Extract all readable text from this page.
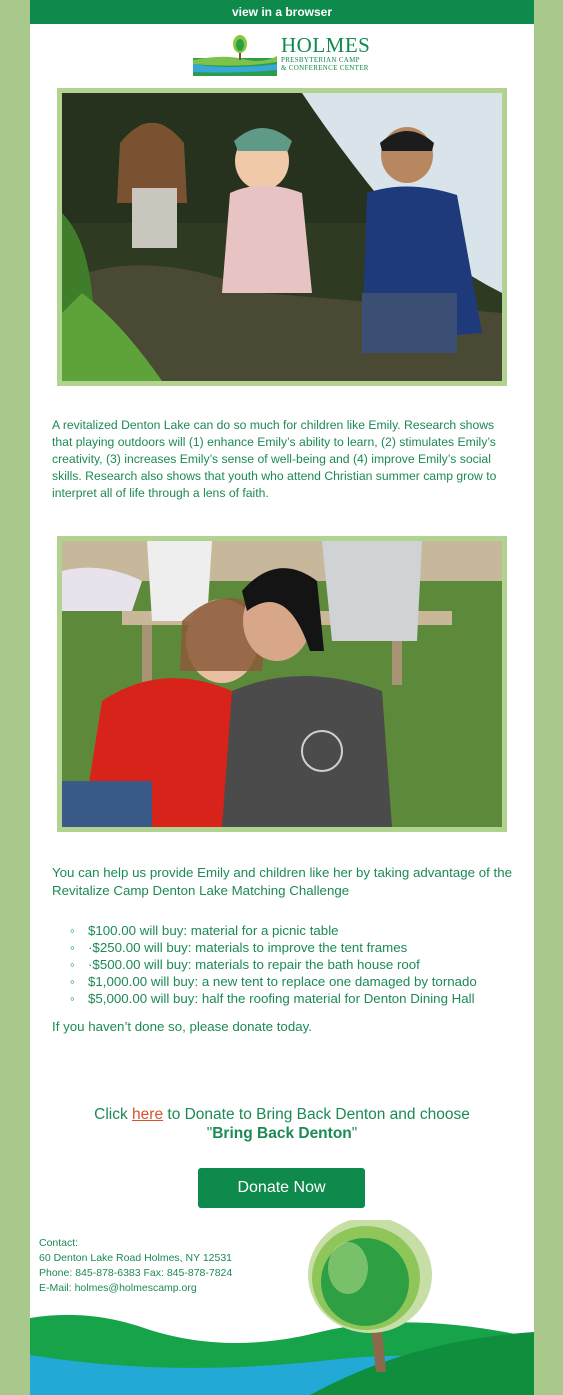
view in a browser
HOLMES
PRESBYTERIAN CAMP
& CONFERENCE CENTER

A revitalized Denton Lake can do so much for children like Emily. Research shows that playing outdoors will (1) enhance Emily’s ability to learn, (2) stimulates Emily’s creativity, (3) increases Emily’s sense of well-being and (4) improve Emily’s social skills. Research also shows that youth who attend Christian summer camp grow to interpret all of life through a lens of faith.

You can help us provide Emily and children like her by taking advantage of the Revitalize Camp Denton Lake Matching Challenge

◦ $100.00 will buy: material for a picnic table
◦ ·$250.00 will buy: materials to improve the tent frames
◦ ·$500.00 will buy: materials to repair the bath house roof
◦ $1,000.00 will buy: a new tent to replace one damaged by tornado
◦ $5,000.00 will buy: half the roofing material for Denton Dining Hall

If you haven’t done so, please donate today.

Click here to Donate to Bring Back Denton and choose
"Bring Back Denton"
Donate Now
Contact:
60 Denton Lake Road Holmes, NY 12531
Phone: 845-878-6383 Fax: 845-878-7824
E-Mail: holmes@holmescamp.org
